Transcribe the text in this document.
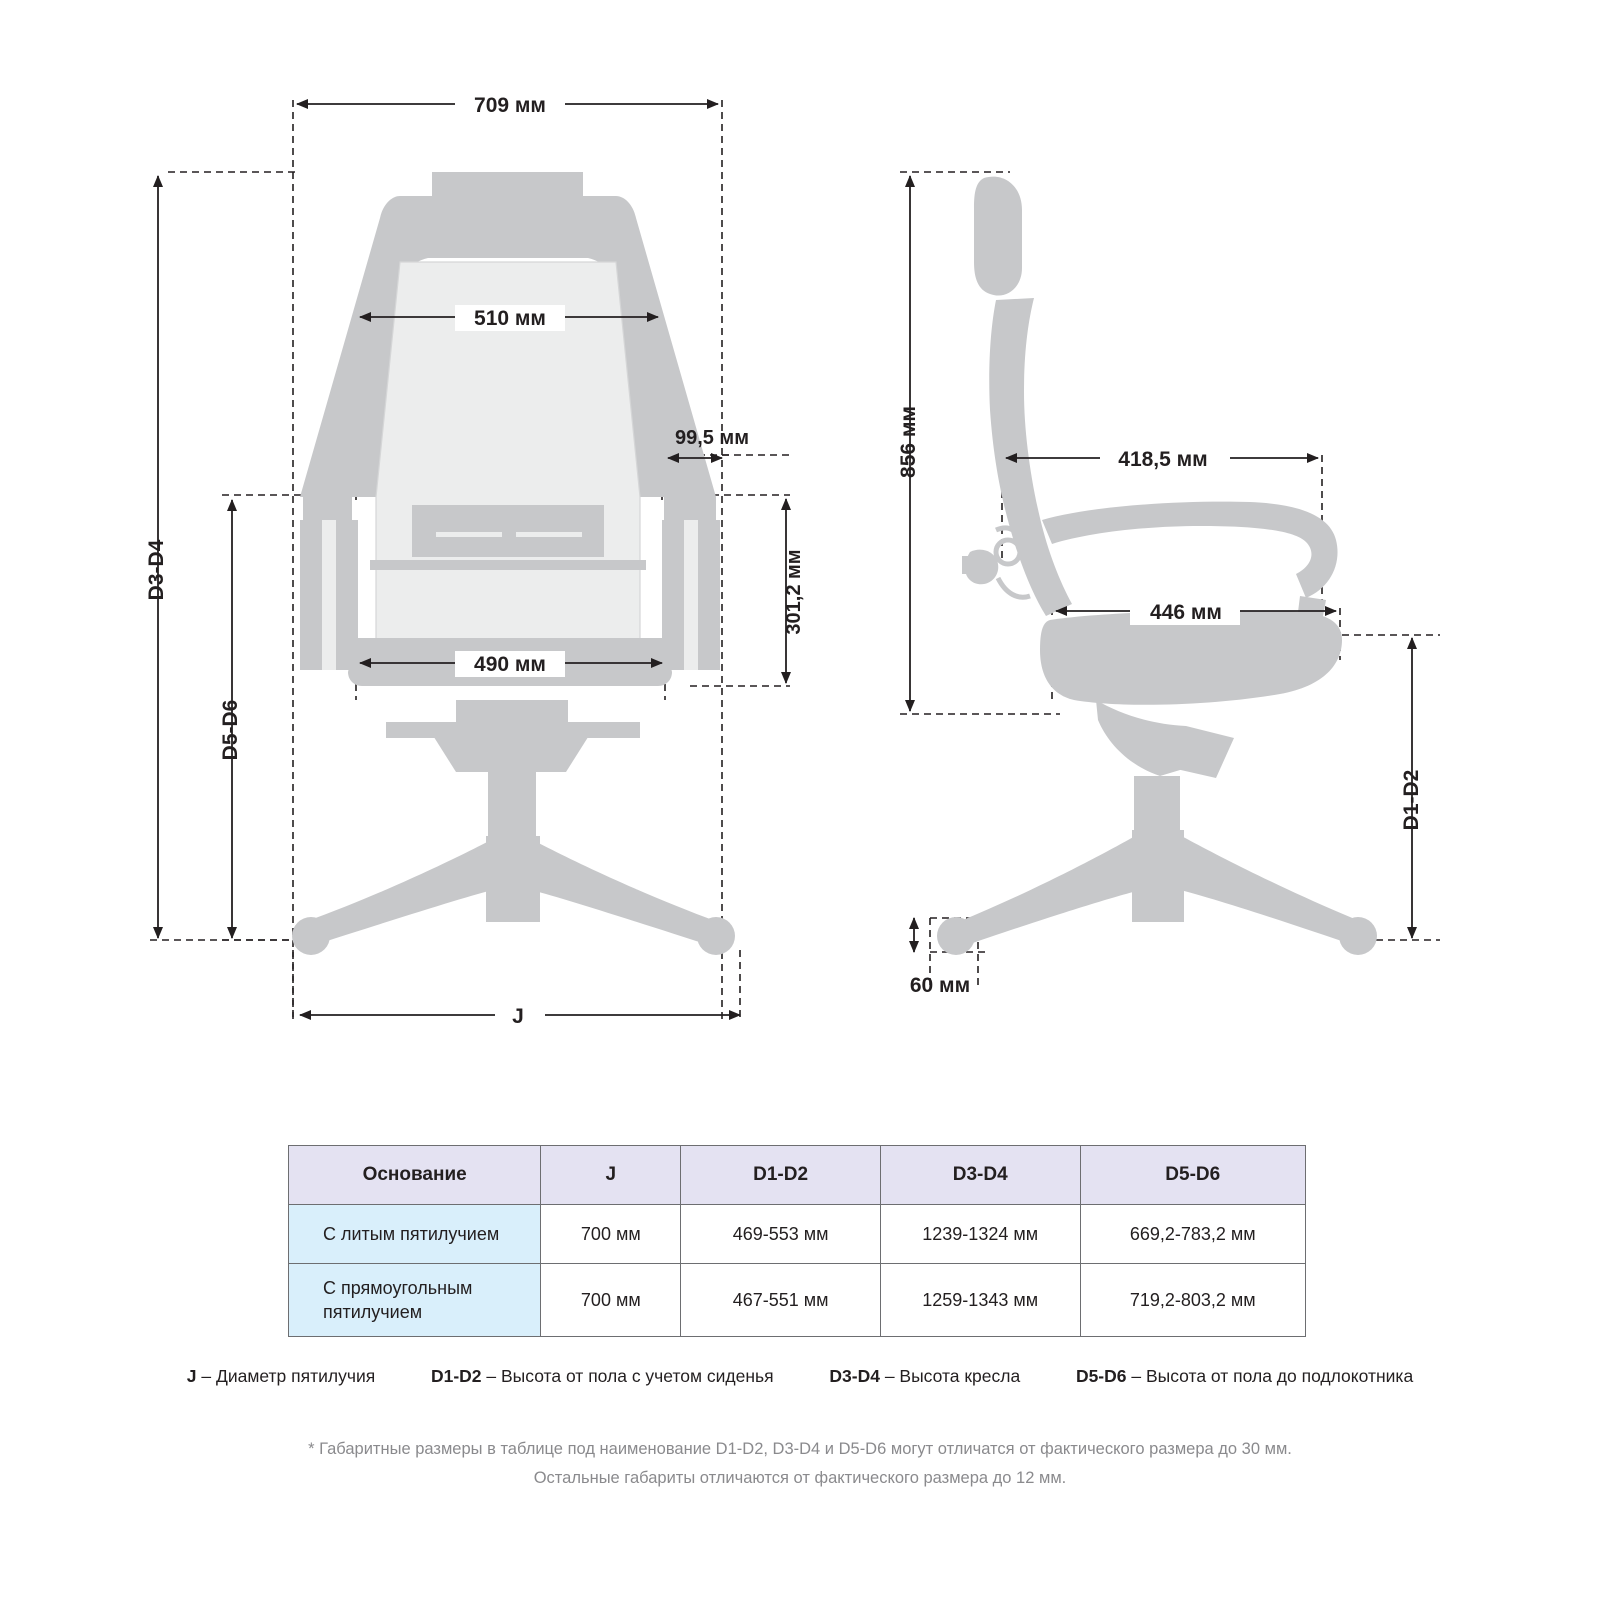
709 мм
510 мм
99,5 мм
490 мм
301,2 мм
D3-D4
D5-D6
J
856 мм	418,5 мм
446 мм
D1-D2
60 мм
Основание	J	D1-D2	D3-D4	D5-D6
С литым пятилучием	700 мм	469-553 мм	1239-1324 мм	669,2-783,2 мм
С прямоугольным пятилучием	700 мм	467-551 мм	1259-1343 мм	719,2-803,2 мм
J – Диаметр пятилучия	D1-D2 – Высота от пола с учетом сиденья	D3-D4 – Высота кресла	D5-D6 – Высота от пола до подлокотника
* Габаритные размеры в таблице под наименование D1-D2, D3-D4 и D5-D6 могут отличатся от фактического размера до 30 мм.
Остальные габариты отличаются от фактического размера до 12 мм.
